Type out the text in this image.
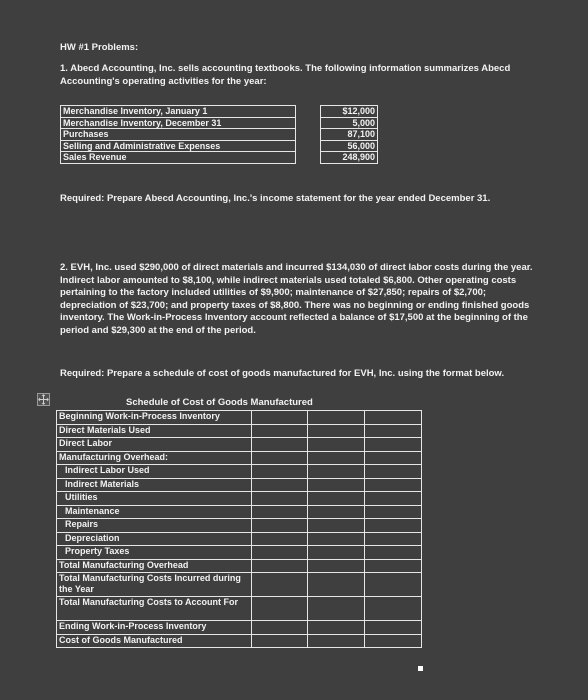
HW #1 Problems:
1. Abecd Accounting, Inc. sells accounting textbooks. The following information summarizes Abecd
Accounting's operating activities for the year:
Merchandise Inventory, January 1		$12,000
Merchandise Inventory, December 31		5,000
Purchases		87,100
Selling and Administrative Expenses		56,000
Sales Revenue		248,900
Required: Prepare Abecd Accounting, Inc.'s income statement for the year ended December 31.
2. EVH, Inc. used $290,000 of direct materials and incurred $134,030 of direct labor costs during the year.
Indirect labor amounted to $8,100, while indirect materials used totaled $6,800. Other operating costs
pertaining to the factory included utilities of $9,900; maintenance of $27,850; repairs of $2,700;
depreciation of $23,700; and property taxes of $8,800. There was no beginning or ending finished goods
inventory. The Work-in-Process Inventory account reflected a balance of $17,500 at the beginning of the
period and $29,300 at the end of the period.
Required: Prepare a schedule of cost of goods manufactured for EVH, Inc. using the format below.
Schedule of Cost of Goods Manufactured
Beginning Work-in-Process Inventory			
Direct Materials Used			
Direct Labor			
Manufacturing Overhead:			
Indirect Labor Used			
Indirect Materials			
Utilities			
Maintenance			
Repairs			
Depreciation			
Property Taxes			
Total Manufacturing Overhead			
Total Manufacturing Costs Incurred during the Year			
Total Manufacturing Costs to Account For			
Ending Work-in-Process Inventory			
Cost of Goods Manufactured			
